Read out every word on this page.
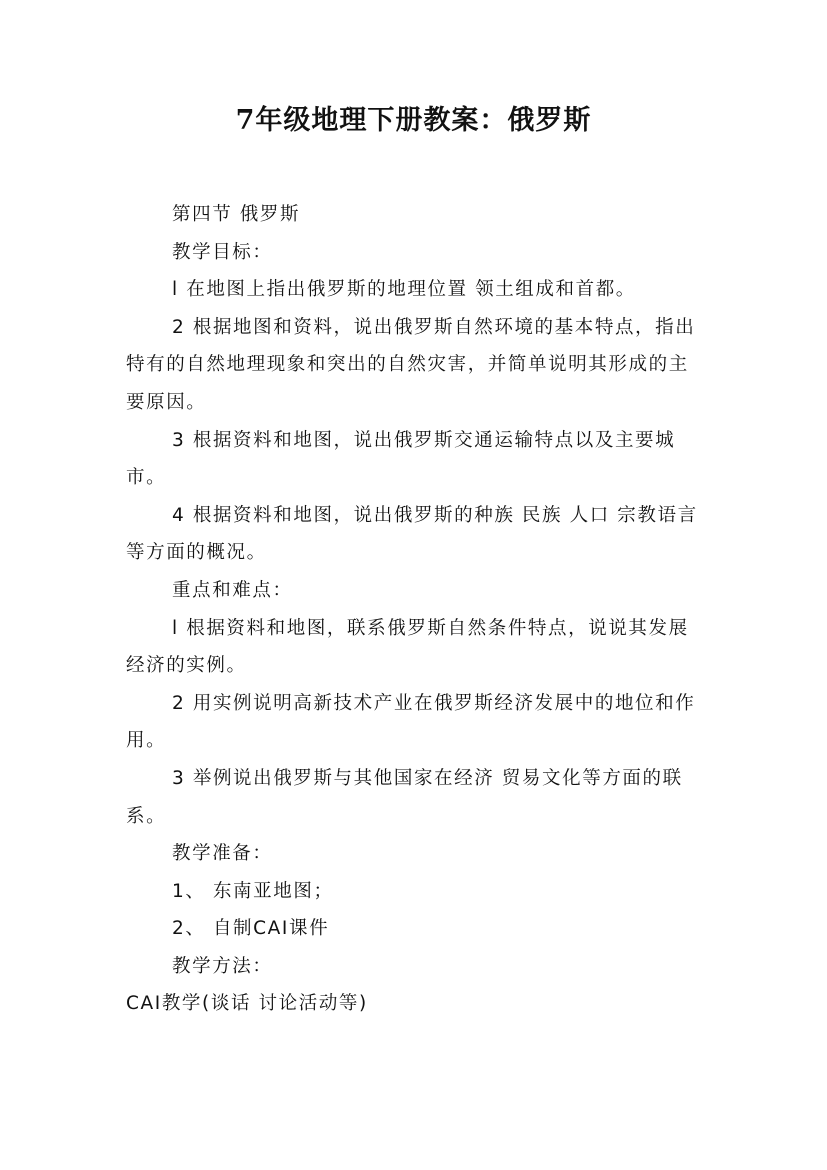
7年级地理下册教案：俄罗斯

第四节 俄罗斯

教学目标：

l 在地图上指出俄罗斯的地理位置 领土组成和首都。

2 根据地图和资料，说出俄罗斯自然环境的基本特点，指出特有的自然地理现象和突出的自然灾害，并简单说明其形成的主要原因。

3 根据资料和地图，说出俄罗斯交通运输特点以及主要城市。

4 根据资料和地图，说出俄罗斯的种族 民族 人口 宗教语言等方面的概况。

重点和难点：

l 根据资料和地图，联系俄罗斯自然条件特点，说说其发展经济的实例。

2 用实例说明高新技术产业在俄罗斯经济发展中的地位和作用。

3 举例说出俄罗斯与其他国家在经济 贸易文化等方面的联系。

教学准备：

1、 东南亚地图；

2、 自制CAI课件

教学方法：

CAI教学(谈话 讨论活动等)
